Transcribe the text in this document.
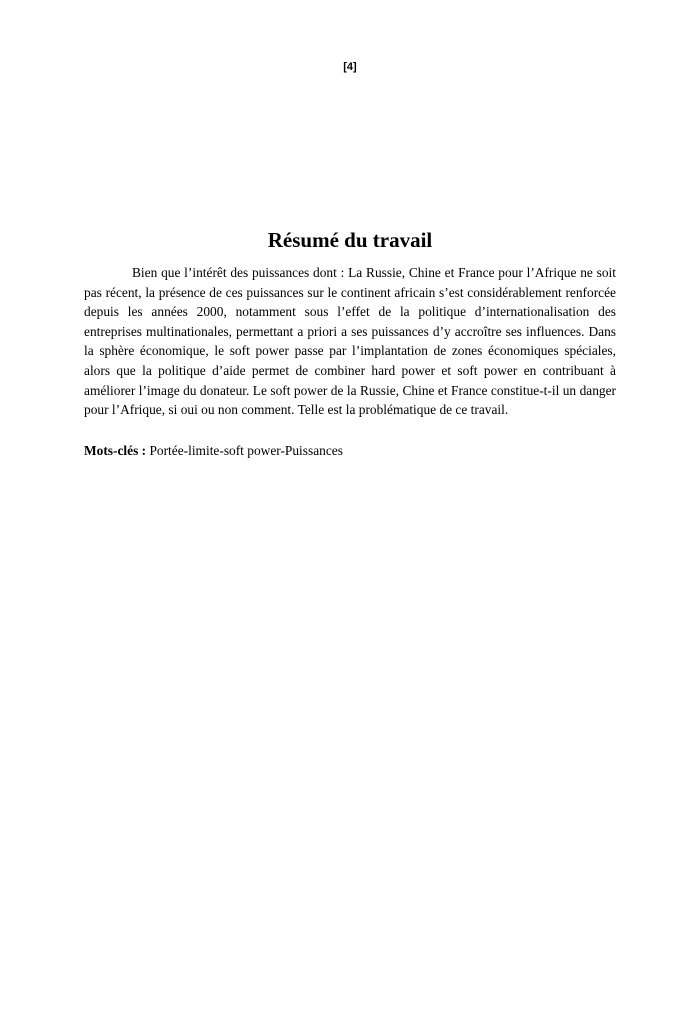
[4]
Résumé du travail

Bien que l’intérêt des puissances dont : La Russie, Chine et France pour l’Afrique ne soit pas récent, la présence de ces puissances sur le continent africain s’est considérablement renforcée depuis les années 2000, notamment sous l’effet de la politique d’internationalisation des entreprises multinationales, permettant a priori a ses puissances d’y accroître ses influences. Dans la sphère économique, le soft power passe par l’implantation de zones économiques spéciales, alors que la politique d’aide permet de combiner hard power et soft power en contribuant à améliorer l’image du donateur. Le soft power de la Russie, Chine et France constitue-t-il un danger pour l’Afrique, si oui ou non comment. Telle est la problématique de ce travail.

Mots-clés : Portée-limite-soft power-Puissances
